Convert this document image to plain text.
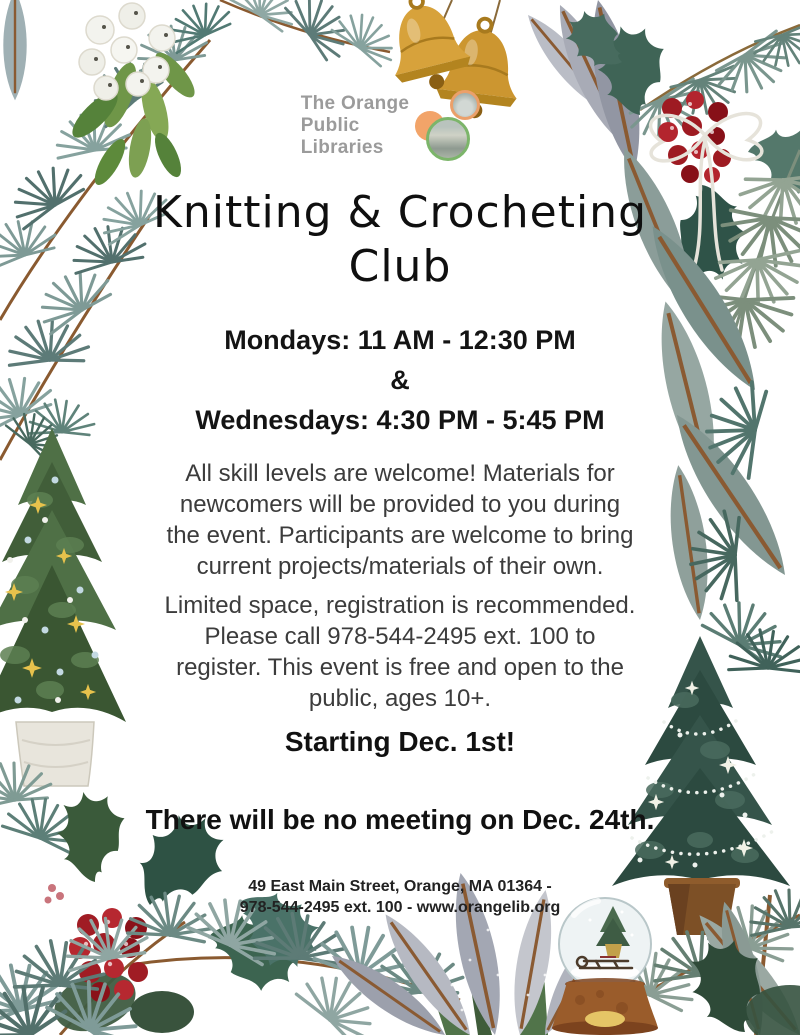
The Orange
Public
Libraries
Knitting & Crocheting
Club
Mondays: 11 AM - 12:30 PM
&
Wednesdays: 4:30 PM - 5:45 PM

All skill levels are welcome! Materials for
newcomers will be provided to you during
the event. Participants are welcome to bring
current projects/materials of their own.

Limited space, registration is recommended.
Please call 978-544-2495 ext. 100 to
register. This event is free and open to the
public, ages 10+.

Starting Dec. 1st!
There will be no meeting on Dec. 24th.
49 East Main Street, Orange, MA 01364 -
978-544-2495 ext. 100 - www.orangelib.org
